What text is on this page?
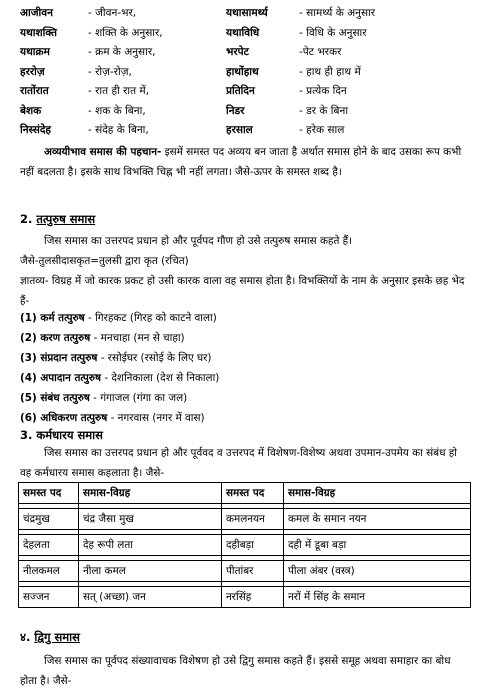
आजीवन	- जीवन-भर,	यथासामर्थ्य	- सामर्थ्य के अनुसार
यथाशक्ति	- शक्ति के अनुसार,	यथाविधि	- विधि के अनुसार
यथाक्रम	- क्रम के अनुसार,	भरपेट	-पेट भरकर
हररोज़	- रोज़-रोज़,	हाथोंहाथ	- हाथ ही हाथ में
रातोंरात	- रात ही रात में,	प्रतिदिन	- प्रत्येक दिन
बेशक	- शक के बिना,	निडर	- डर के बिना
निस्संदेह	- संदेह के बिना,	हरसाल	- हरेक साल
अव्ययीभाव समास की पहचान- इसमें समस्त पद अव्यय बन जाता है अर्थात समास होने के बाद उसका रूप कभी नहीं बदलता है। इसके साथ विभक्ति चिह्न भी नहीं लगता। जैसे-ऊपर के समस्त शब्द है।
2. तत्पुरुष समास
जिस समास का उत्तरपद प्रधान हो और पूर्वपद गौण हो उसे तत्पुरुष समास कहते हैं।
जैसे-तुलसीदासकृत=तुलसी द्वारा कृत (रचित)
ज्ञातव्य- विग्रह में जो कारक प्रकट हो उसी कारक वाला वह समास होता है। विभक्तियों के नाम के अनुसार इसके छह भेद हैं-
(1) कर्म तत्पुरुष - गिरहकट (गिरह को काटने वाला)
(2) करण तत्पुरुष - मनचाहा (मन से चाहा)
(3) संप्रदान तत्पुरुष - रसोईघर (रसोई के लिए घर)
(4) अपादान तत्पुरुष - देशनिकाला (देश से निकाला)
(5) संबंध तत्पुरुष - गंगाजल (गंगा का जल)
(6) अधिकरण तत्पुरुष - नगरवास (नगर में वास)
3. कर्मधारय समास
जिस समास का उत्तरपद प्रधान हो और पूर्ववद व उत्तरपद में विशेषण-विशेष्य अथवा उपमान-उपमेय का संबंध हो वह कर्मधारय समास कहलाता है। जैसे-
समस्त पद	समास-विग्रह	समस्त पद	समास-विग्रह

चंद्रमुख	चंद्र जैसा मुख	कमलनयन	कमल के समान नयन

देहलता	देह रूपी लता	दहीबड़ा	दही में डूबा बड़ा

नीलकमल	नीला कमल	पीतांबर	पीला अंबर (वस्त्र)

सज्जन	सत् (अच्छा) जन	नरसिंह	नरों में सिंह के समान
४. द्विगु समास
जिस समास का पूर्वपद संख्यावाचक विशेषण हो उसे द्विगु समास कहते हैं। इससे समूह अथवा समाहार का बोध होता है। जैसे-
